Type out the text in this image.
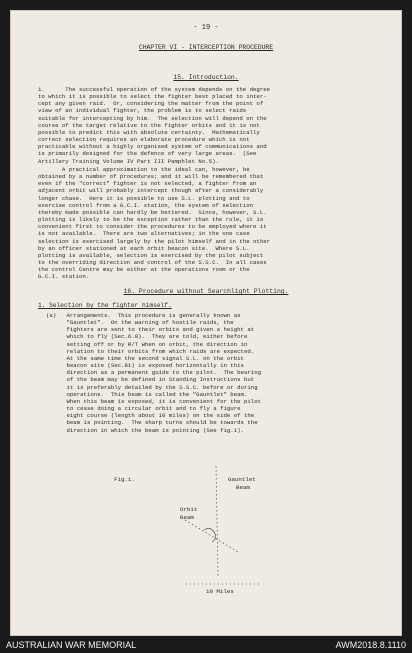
- 19 -
CHAPTER VI - INTERCEPTION PROCEDURE
15. Introduction.
1.      The successful operation of the system depends on the degree
to which it is possible to select the fighter best placed to inter-
cept any given raid.  Or, considering the matter from the point of
view of an individual fighter, the problem is to select raids
suitable for intercepting by him.  The selection will depend on the
course of the target relative to the fighter orbits and it is not
possible to predict this with absolute certainty.  Mathematically
correct selection requires an elaborate procedure which is not
practicable without a highly organised system of communications and
is primarily designed for the defence of very large areas.  (See
Artillery Training Volume IV Part III Pamphlet No.5).
A practical approximation to the ideal can, however, be
obtained by a number of procedures; and it will be remembered that
even if the "correct" fighter is not selected, a fighter from an
adjacent orbit will probably intercept though after a considerably
longer chase.  Here it is possible to use S.L. plotting and to
exercise control from a G.C.I. station, the system of selection
thereby made possible can hardly be bettered.  Since, however, S.L.
plotting is likely to be the exception rather than the rule, it is
convenient first to consider the procedures to be employed where it
is not available.  There are two alternatives; in the one case
selection is exercised largely by the pilot himself and in the other
by an officer stationed at each orbit beacon site.  Where S.L.
plotting is available, selection is exercised by the pilot subject
to the overriding direction and control of the S.S.C.  In all cases
the control Centre may be either at the operations room or the
G.C.I. station.
16. Procedure without Searchlight Plotting.
1. Selection by the fighter himself.
(a)   Arrangements.  This procedure is generally known as
"Gauntlet".  On the warning of hostile raids, the
fighters are sent to their orbits and given a height at
which to fly (Sec.6.8).  They are told, either before
setting off or by R/T when on orbit, the direction in
relation to their orbits from which raids are expected.
At the same time the second signal S.L. on the orbit
beacon site (Sec.81) is exposed horizontally in this
direction as a permanent guide to the pilot.  The bearing
of the beam may be defined in Standing Instructions but
it is preferably detailed by the S.S.C. before or during
operations.  This beam is called the "Gauntlet" beam.
When this beam is exposed, it is convenient for the pilot
to cease doing a circular orbit and to fly a figure
eight course (length about 10 miles) on the side of the
beam is pointing.  The sharp turns should be towards the
direction in which the beam is pointing (See fig.1).
Fig.1.	Gauntlet
Beam
Orbit
Beam
10 Miles
AUSTRALIAN WAR MEMORIAL	AWM2018.8.1110
